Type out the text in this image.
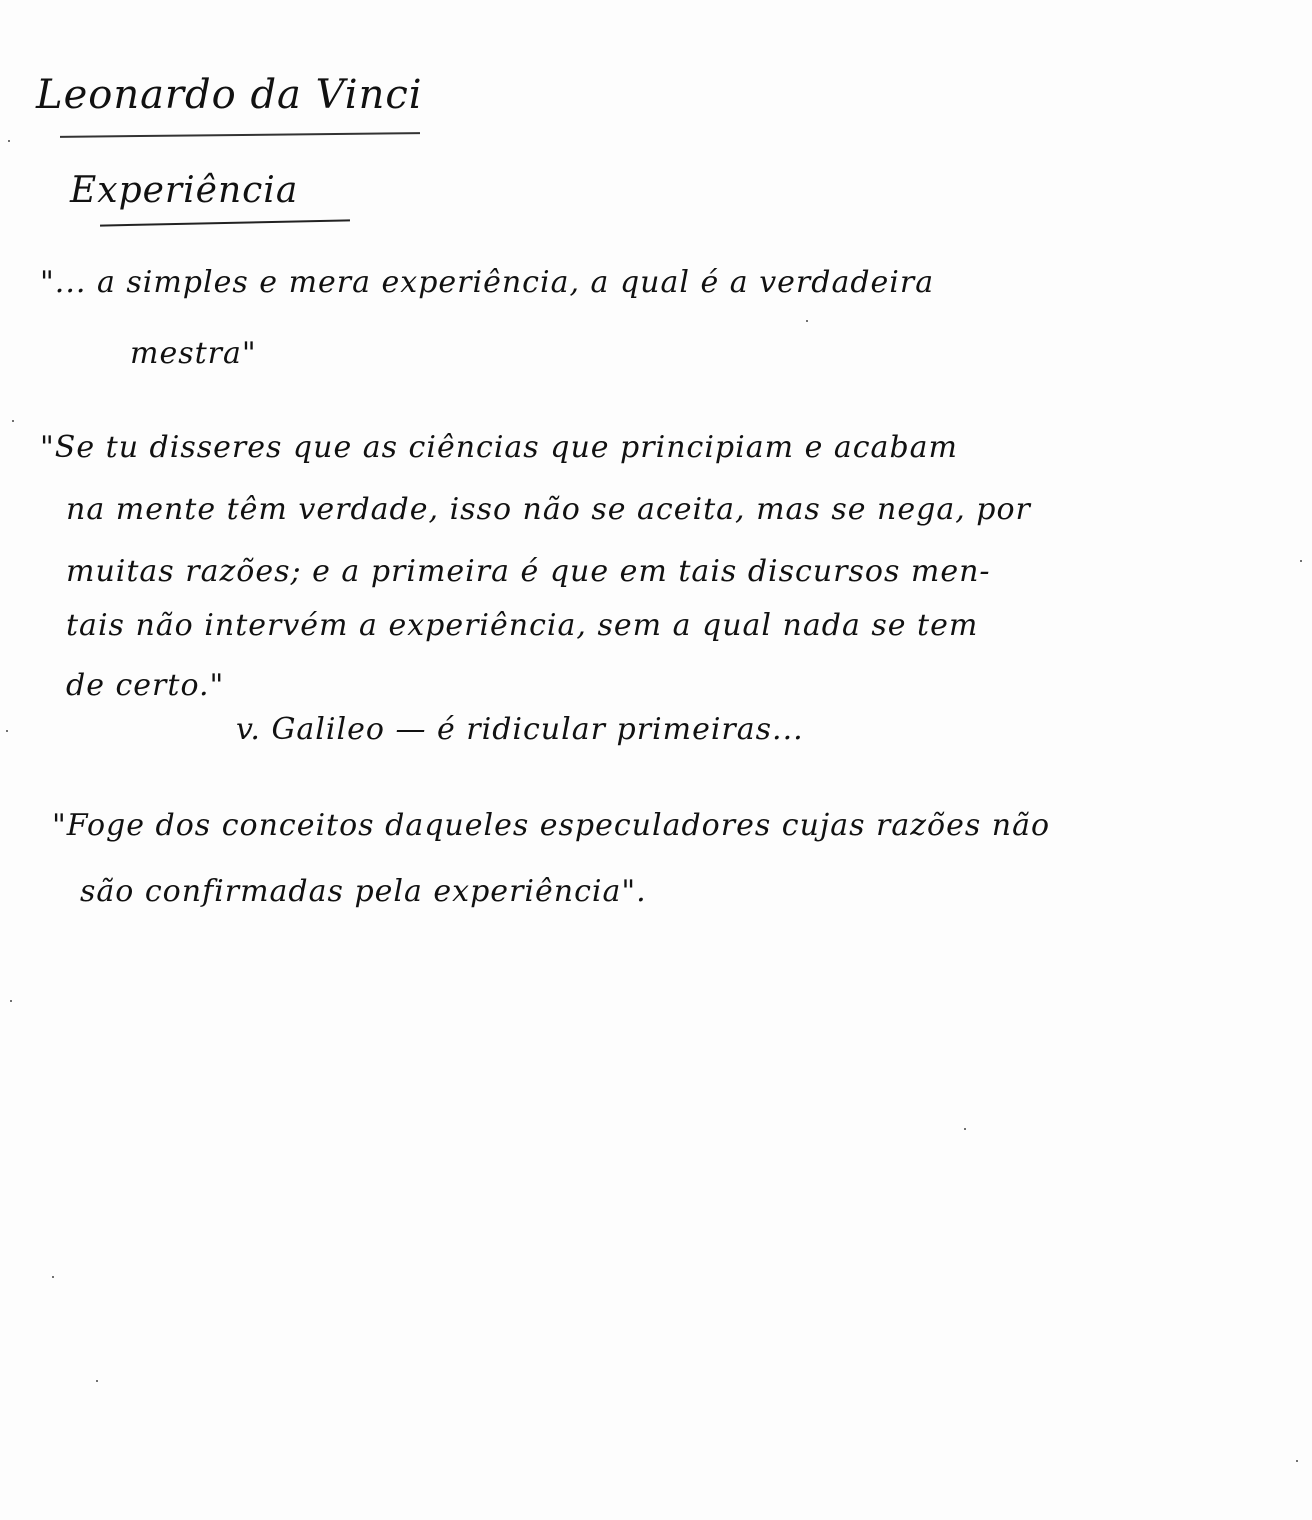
Leonardo da Vinci
Experiência
"... a simples e mera experiência, a qual é a verdadeira
mestra"
"Se tu disseres que as ciências que principiam e acabam
na mente têm verdade, isso não se aceita, mas se nega, por
muitas razões; e a primeira é que em tais discursos men-
tais não intervém a experiência, sem a qual nada se tem
de certo."
v. Galileo — é ridicular primeiras...
"Foge dos conceitos daqueles especuladores cujas razões não
são confirmadas pela experiência".
